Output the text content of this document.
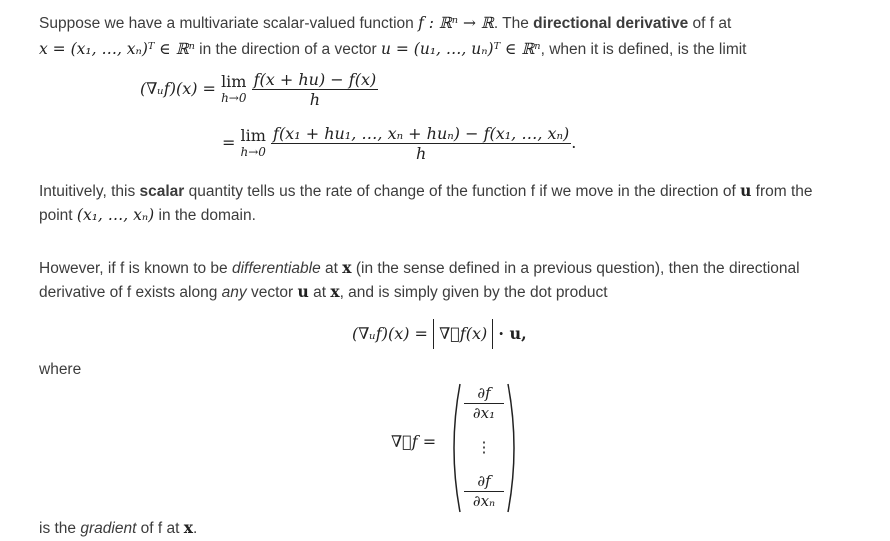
Suppose we have a multivariate scalar-valued function f : ℝⁿ → ℝ. The directional derivative of f at
x = (x₁, …, xₙ)ᵀ ∈ ℝⁿ in the direction of a vector u = (u₁, …, uₙ)ᵀ ∈ ℝⁿ, when it is defined, is the limit
(∇ᵤf)(x) = lim
h→0
$\frac{f(x + hu) - f(x)}{h}$
= lim
h→0
$\frac{\text{f(x₁ + hu₁, …, xₙ + huₙ) − f(x₁, …, xₙ)}}{h}$ .
Intuitively, this scalar quantity tells us the rate of change of the function f if we move in the direction of u from the
point (x₁, …, xₙ) in the domain.
However, if f is known to be differentiable at x (in the sense defined in a previous question), then the directional
derivative of f exists along any vector u at x, and is simply given by the dot product
(∇ᵤf)(x) = ∇⃗f(x) · u,
where
∇⃗f =
$\frac{\partial f}{\text{∂x₁}}$
⋮
$\frac{\partial f}{\text{∂xₙ}}$
is the gradient of f at x.
